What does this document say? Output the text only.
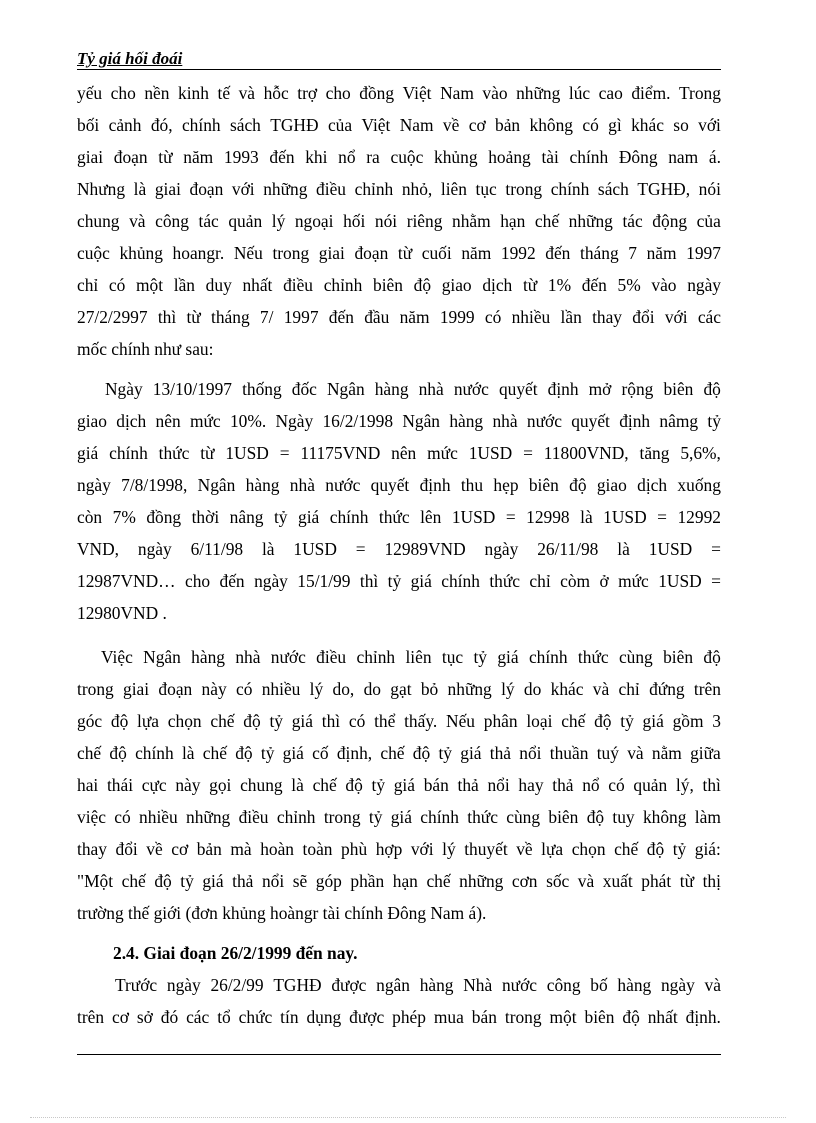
Tỷ giá hối đoái
yếu cho nền kinh tế và hỗc trợ cho đồng Việt Nam vào những lúc cao điểm. Trong
bối cảnh đó, chính sách TGHĐ của Việt Nam về cơ bản không có gì khác so với
giai đoạn từ năm 1993 đến khi nổ ra cuộc khủng hoảng tài chính Đông nam á.
Nhưng là giai đoạn với những điều chỉnh nhỏ, liên tục trong chính sách TGHĐ, nói
chung và công tác quản lý ngoại hối nói riêng nhằm hạn chế những tác động của
cuộc khủng hoangr. Nếu trong giai đoạn từ cuối năm 1992 đến tháng 7 năm 1997
chỉ có một lần duy nhất điều chỉnh biên độ giao dịch từ 1% đến 5% vào ngày
27/2/2997 thì từ tháng 7/ 1997 đến đầu năm 1999 có nhiều lần thay đổi với các
mốc chính như sau:
Ngày 13/10/1997 thống đốc Ngân hàng nhà nước quyết định mở rộng biên độ
giao dịch nên mức 10%. Ngày 16/2/1998 Ngân hàng nhà nước quyết định nâmg tỷ
giá chính thức từ 1USD = 11175VND nên mức 1USD = 11800VND, tăng 5,6%,
ngày 7/8/1998, Ngân hàng nhà nước quyết định thu hẹp biên độ giao dịch xuống
còn 7% đồng thời nâng tỷ giá chính thức lên 1USD = 12998 là 1USD = 12992
VND, ngày 6/11/98 là 1USD = 12989VND ngày 26/11/98 là 1USD =
12987VND… cho đến ngày 15/1/99 thì tỷ giá chính thức chỉ còm ở mức 1USD =
12980VND .
Việc Ngân hàng nhà nước điều chỉnh liên tục tỷ giá chính thức cùng biên độ
trong giai đoạn này có nhiều lý do, do gạt bỏ những lý do khác và chỉ đứng trên
góc độ lựa chọn chế độ tỷ giá thì có thể thấy. Nếu phân loại chế độ tỷ giá gồm 3
chế độ chính là chế độ tỷ giá cố định, chế độ tỷ giá thả nổi thuần tuý và nằm giữa
hai thái cực này gọi chung là chế độ tỷ giá bán thả nổi hay thả nổ có quản lý, thì
việc có nhiều những điều chỉnh trong tỷ giá chính thức cùng biên độ tuy không làm
thay đổi về cơ bản mà hoàn toàn phù hợp với lý thuyết về lựa chọn chế độ tỷ giá:
"Một chế độ tỷ giá thả nổi sẽ góp phần hạn chế những cơn sốc và xuất phát từ thị
trường thế giới (đơn khủng hoàngr tài chính Đông Nam á).
2.4. Giai đoạn 26/2/1999 đến nay.
Trước ngày 26/2/99 TGHĐ được ngân hàng Nhà nước công bố hàng ngày và
trên cơ sở đó các tổ chức tín dụng được phép mua bán trong một biên độ nhất định.
